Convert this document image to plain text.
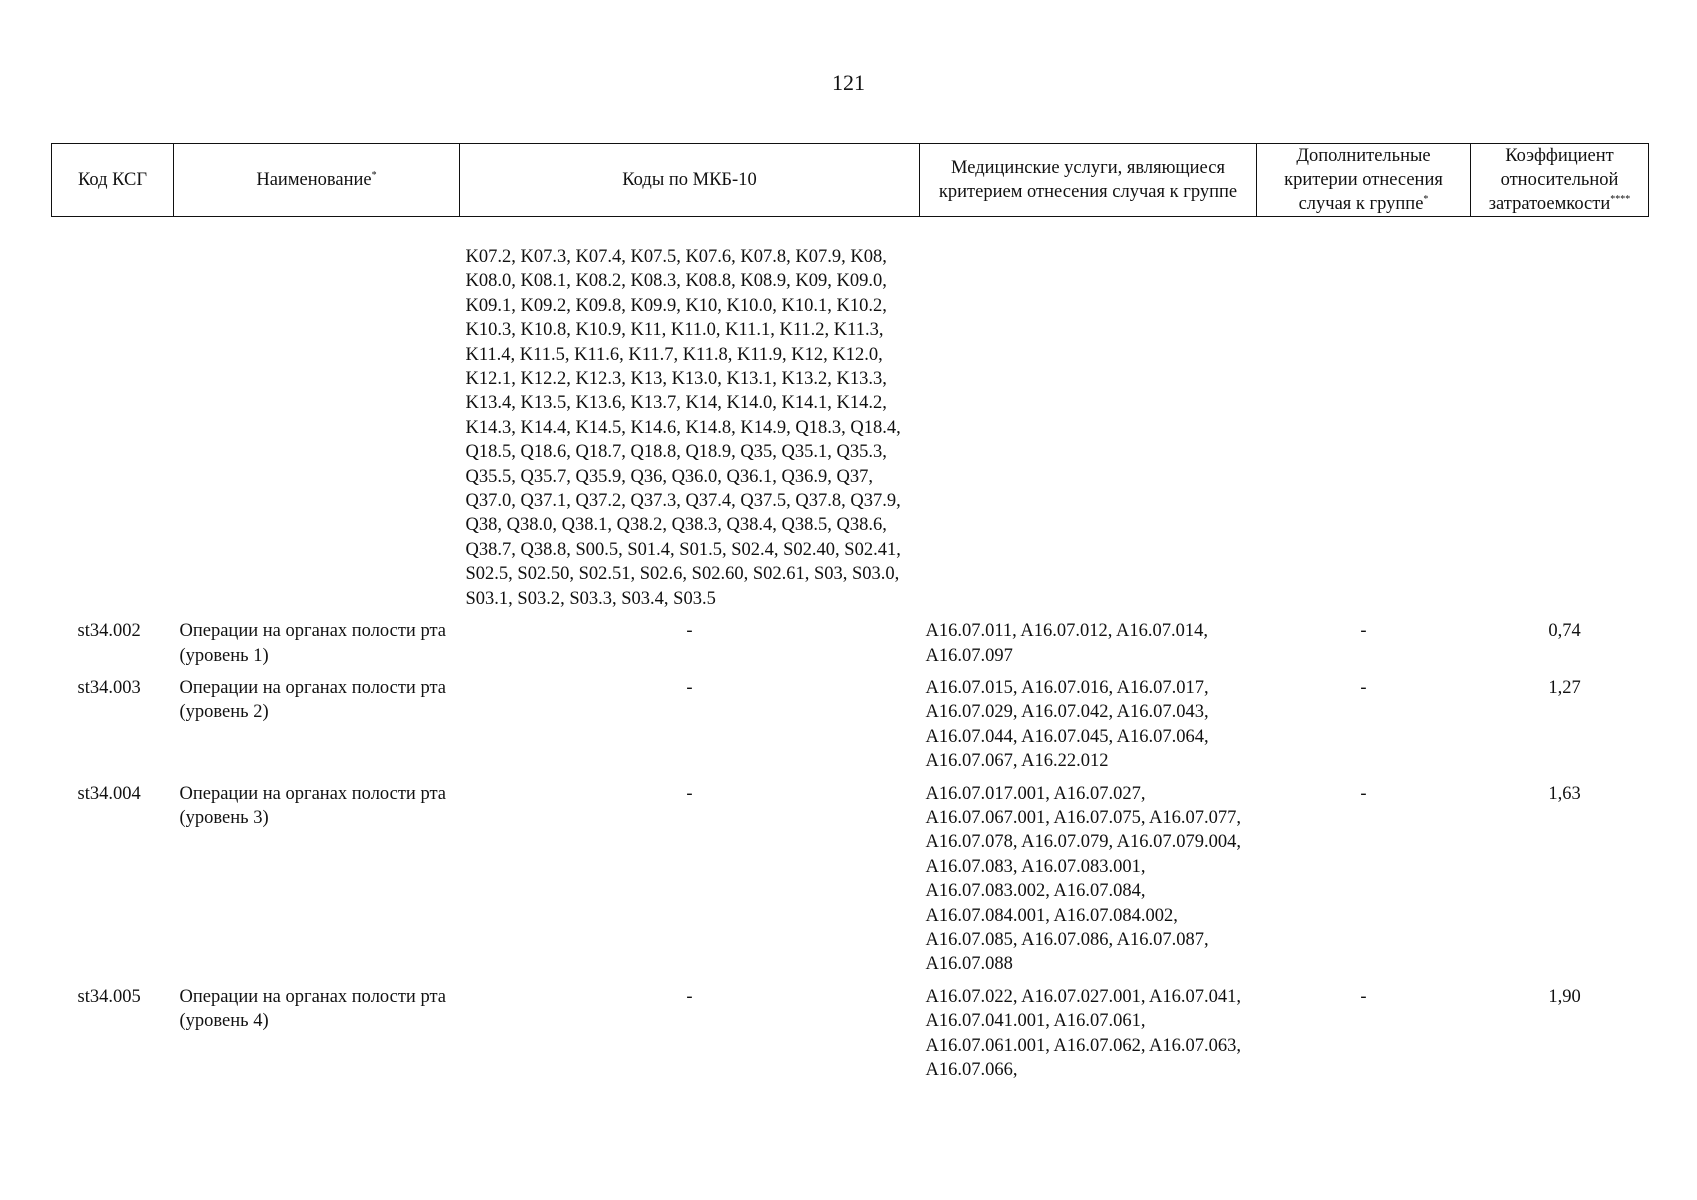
121
Код КСГ	Наименование*	Коды по МКБ-10	Медицинские услуги, являющиеся критерием отнесения случая к группе	Дополнительные критерии отнесения случая к группе*	Коэффициент относительной затратоемкости****

		K07.2, K07.3, K07.4, K07.5, K07.6, K07.8, K07.9, K08, K08.0, K08.1, K08.2, K08.3, K08.8, K08.9, K09, K09.0, K09.1, K09.2, K09.8, K09.9, K10, K10.0, K10.1, K10.2, K10.3, K10.8, K10.9, K11, K11.0, K11.1, K11.2, K11.3, K11.4, K11.5, K11.6, K11.7, K11.8, K11.9, K12, K12.0, K12.1, K12.2, K12.3, K13, K13.0, K13.1, K13.2, K13.3, K13.4, K13.5, K13.6, K13.7, K14, K14.0, K14.1, K14.2, K14.3, K14.4, K14.5, K14.6, K14.8, K14.9, Q18.3, Q18.4, Q18.5, Q18.6, Q18.7, Q18.8, Q18.9, Q35, Q35.1, Q35.3, Q35.5, Q35.7, Q35.9, Q36, Q36.0, Q36.1, Q36.9, Q37, Q37.0, Q37.1, Q37.2, Q37.3, Q37.4, Q37.5, Q37.8, Q37.9, Q38, Q38.0, Q38.1, Q38.2, Q38.3, Q38.4, Q38.5, Q38.6, Q38.7, Q38.8, S00.5, S01.4, S01.5, S02.4, S02.40, S02.41, S02.5, S02.50, S02.51, S02.6, S02.60, S02.61, S03, S03.0, S03.1, S03.2, S03.3, S03.4, S03.5			
st34.002	Операции на органах полости рта (уровень 1)	-	A16.07.011, A16.07.012, A16.07.014, A16.07.097	-	0,74
st34.003	Операции на органах полости рта (уровень 2)	-	A16.07.015, A16.07.016, A16.07.017, A16.07.029, A16.07.042, A16.07.043, A16.07.044, A16.07.045, A16.07.064, A16.07.067, A16.22.012	-	1,27
st34.004	Операции на органах полости рта (уровень 3)	-	A16.07.017.001, A16.07.027, A16.07.067.001, A16.07.075, A16.07.077, A16.07.078, A16.07.079, A16.07.079.004, A16.07.083, A16.07.083.001, A16.07.083.002, A16.07.084, A16.07.084.001, A16.07.084.002, A16.07.085, A16.07.086, A16.07.087, A16.07.088	-	1,63
st34.005	Операции на органах полости рта (уровень 4)	-	A16.07.022, A16.07.027.001, A16.07.041, A16.07.041.001, A16.07.061, A16.07.061.001, A16.07.062, A16.07.063, A16.07.066,	-	1,90
